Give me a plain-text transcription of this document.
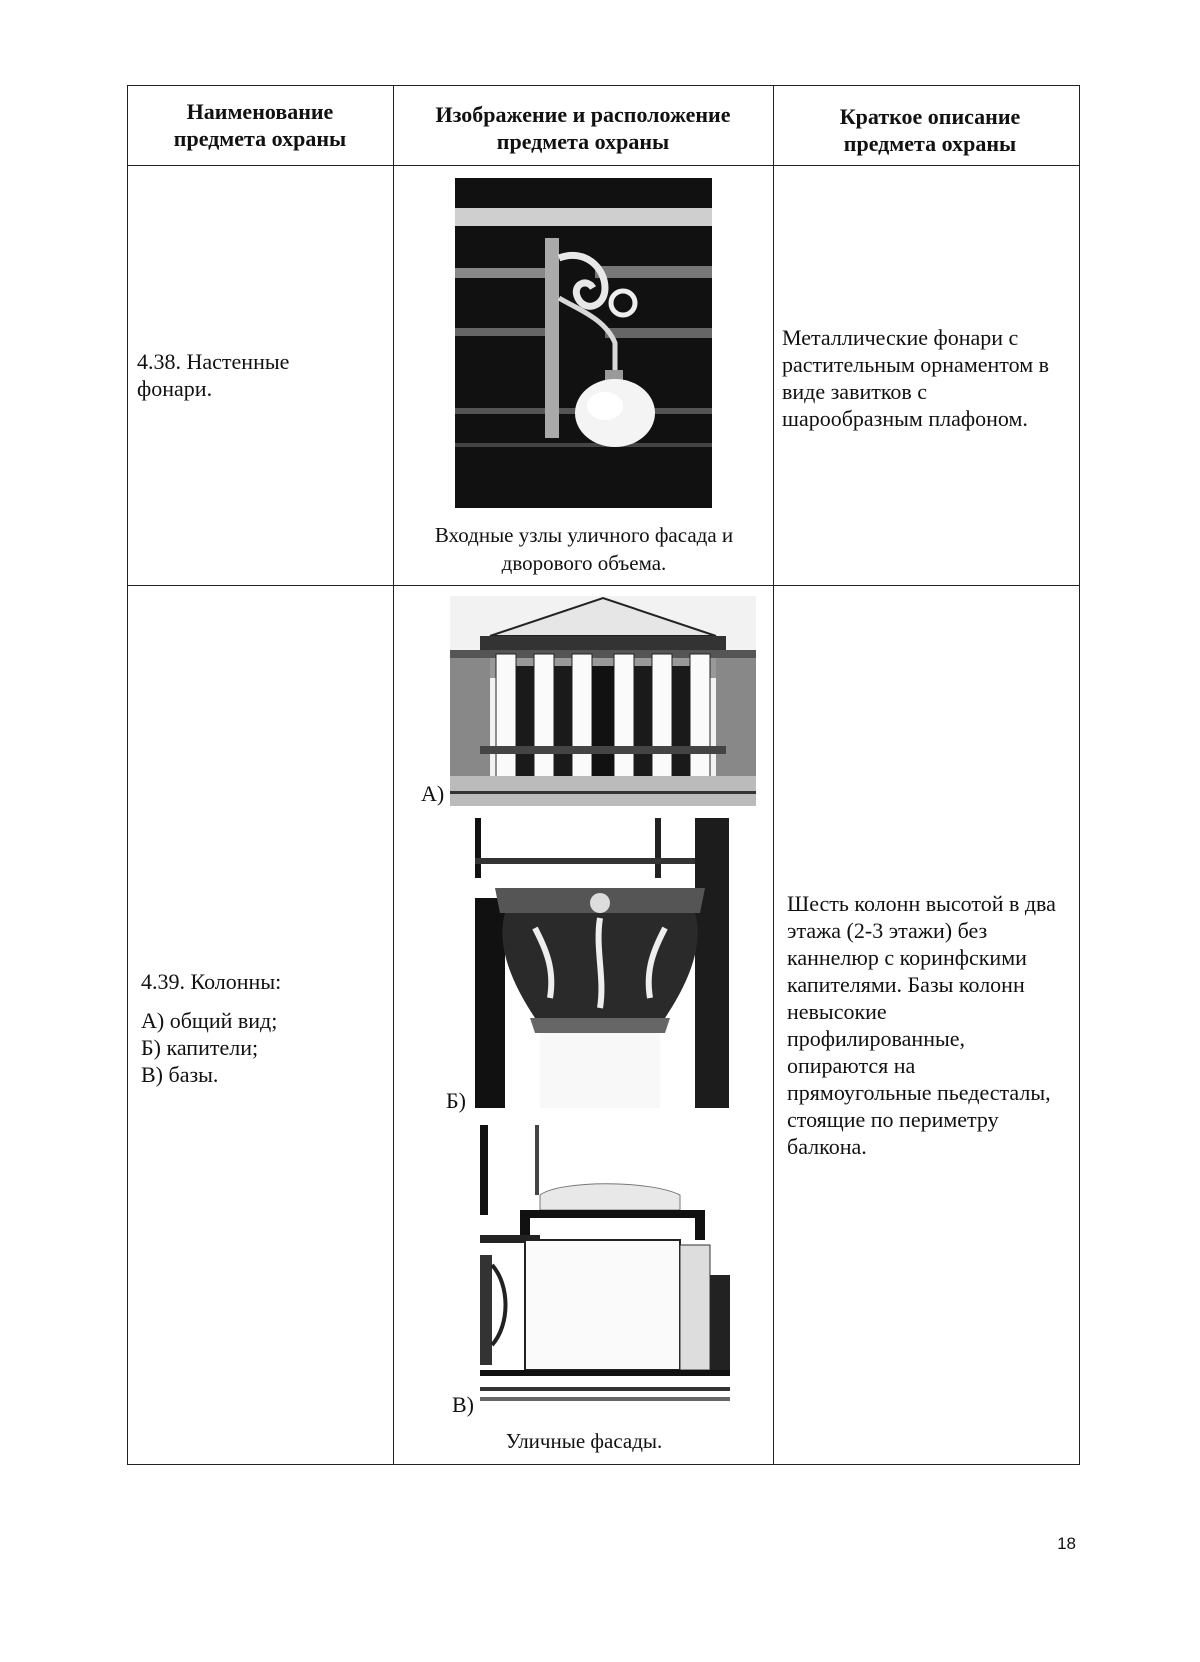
Наименование предмета охраны
Изображение и расположение предмета охраны
Краткое описание предмета охраны
4.38. Настенные фонари.
Входные узлы уличного фасада и дворового объема.
Металлические фонари с растительным орнаментом в виде завитков с шарообразным плафоном.
4.39. Колонны:
А) общий вид;
Б) капители;
В) базы.
А)
Б)
В)
Уличные фасады.
Шесть колонн высотой в два этажа (2-3 этажи) без каннелюр с коринфскими капителями. Базы колонн невысокие профилированные, опираются на прямоугольные пьедесталы, стоящие по периметру балкона.
18
